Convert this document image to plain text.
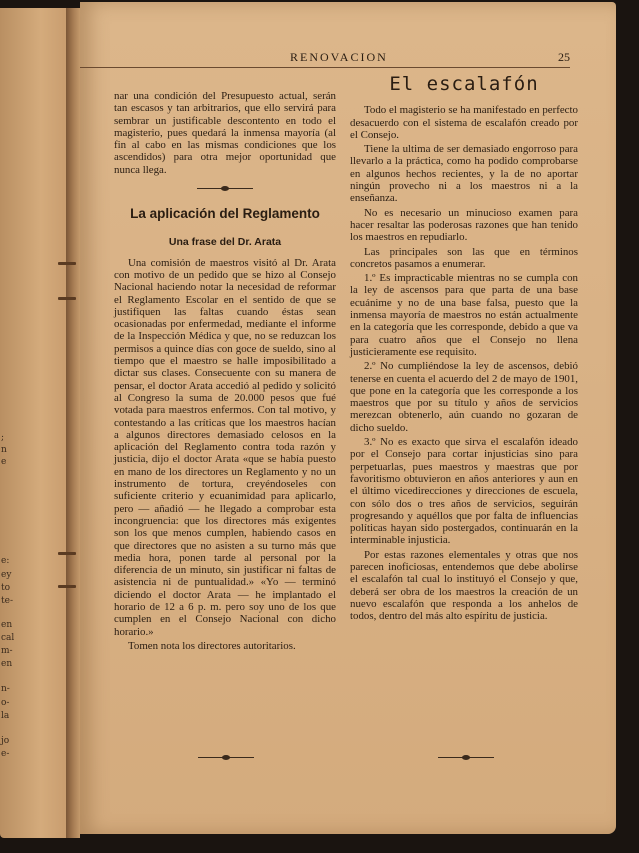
;
n
e
e:
ey
to
te-
en
cal
m-
en
n-
o-
la
jo
e-
RENOVACION	25

nar una condición del Presupuesto actual, serán tan escasos y tan arbitrarios, que ello servirá para sembrar un justificable descontento en todo el magisterio, pues quedará la inmensa mayoría (al fin al cabo en las mismas condiciones que los ascendidos) para otra mejor oportunidad que nunca llega.

La aplicación del Reglamento
Una frase del Dr. Arata

Una comisión de maestros visitó al Dr. Arata con motivo de un pedido que se hizo al Consejo Nacional haciendo notar la necesidad de reformar el Reglamento Escolar en el sentido de que se justifiquen las faltas cuando éstas sean ocasionadas por enfermedad, mediante el informe de la Inspección Médica y que, no se reduzcan los permisos a quince días con goce de sueldo, sino al tiempo que el maestro se halle imposibilitado a dictar sus clases. Consecuente con su manera de pensar, el doctor Arata accedió al pedido y solicitó al Congreso la suma de 20.000 pesos que fué votada para maestros enfermos. Con tal motivo, y contestando a las críticas que los maestros hacían a algunos directores demasiado celosos en la aplicación del Reglamento contra toda razón y justicia, dijo el doctor Arata «que se había puesto en mano de los directores un Reglamento y no un instrumento de tortura, creyéndoseles con suficiente criterio y ecuanimidad para aplicarlo, pero — añadió — he llegado a comprobar esta incongruencia: que los directores más exigentes son los que menos cumplen, habiendo casos en que directores que no asisten a su turno más que media hora, ponen tarde al personal por la diferencia de un minuto, sin justificar ni faltas de asistencia ni de puntualidad.» «Yo — terminó diciendo el doctor Arata — he implantado el horario de 12 a 6 p. m. pero soy uno de los que cumplen en el Consejo Nacional con dicho horario.»

Tomen nota los directores autoritarios.

El escalafón

Todo el magisterio se ha manifestado en perfecto desacuerdo con el sistema de escalafón creado por el Consejo.

Tiene la ultima de ser demasiado engorroso para llevarlo a la práctica, como ha podido comprobarse en algunos hechos recientes, y la de no aportar ningún provecho ni a los maestros ni a la enseñanza.

No es necesario un minucioso examen para hacer resaltar las poderosas razones que han tenido los maestros en repudiarlo.

Las principales son las que en términos concretos pasamos a enumerar.

1.º Es impracticable mientras no se cumpla con la ley de ascensos para que parta de una base ecuánime y no de una base falsa, puesto que la inmensa mayoría de maestros no están actualmente en la categoría que les corresponde, debido a que va para cuatro años que el Consejo no llena justicieramente ese requisito.

2.º No cumpliéndose la ley de ascensos, debió tenerse en cuenta el acuerdo del 2 de mayo de 1901, que pone en la categoría que les corresponde a los maestros que por su título y años de servicios merezcan obtenerlo, aún cuando no gozaran de dicho sueldo.

3.º No es exacto que sirva el escalafón ideado por el Consejo para cortar injusticias sino para perpetuarlas, pues maestros y maestras que por favoritismo obtuvieron en años anteriores y aun en el último vicedirecciones y direcciones de escuela, con sólo dos o tres años de servicios, seguirán progresando y aquéllos que por falta de influencias políticas hayan sido postergados, continuarán en la interminable injusticia.

Por estas razones elementales y otras que nos parecen inoficiosas, entendemos que debe abolirse el escalafón tal cual lo instituyó el Consejo y que, deberá ser obra de los maestros la creación de un nuevo escalafón que responda a los anhelos de todos, dentro del más alto espíritu de justicia.
